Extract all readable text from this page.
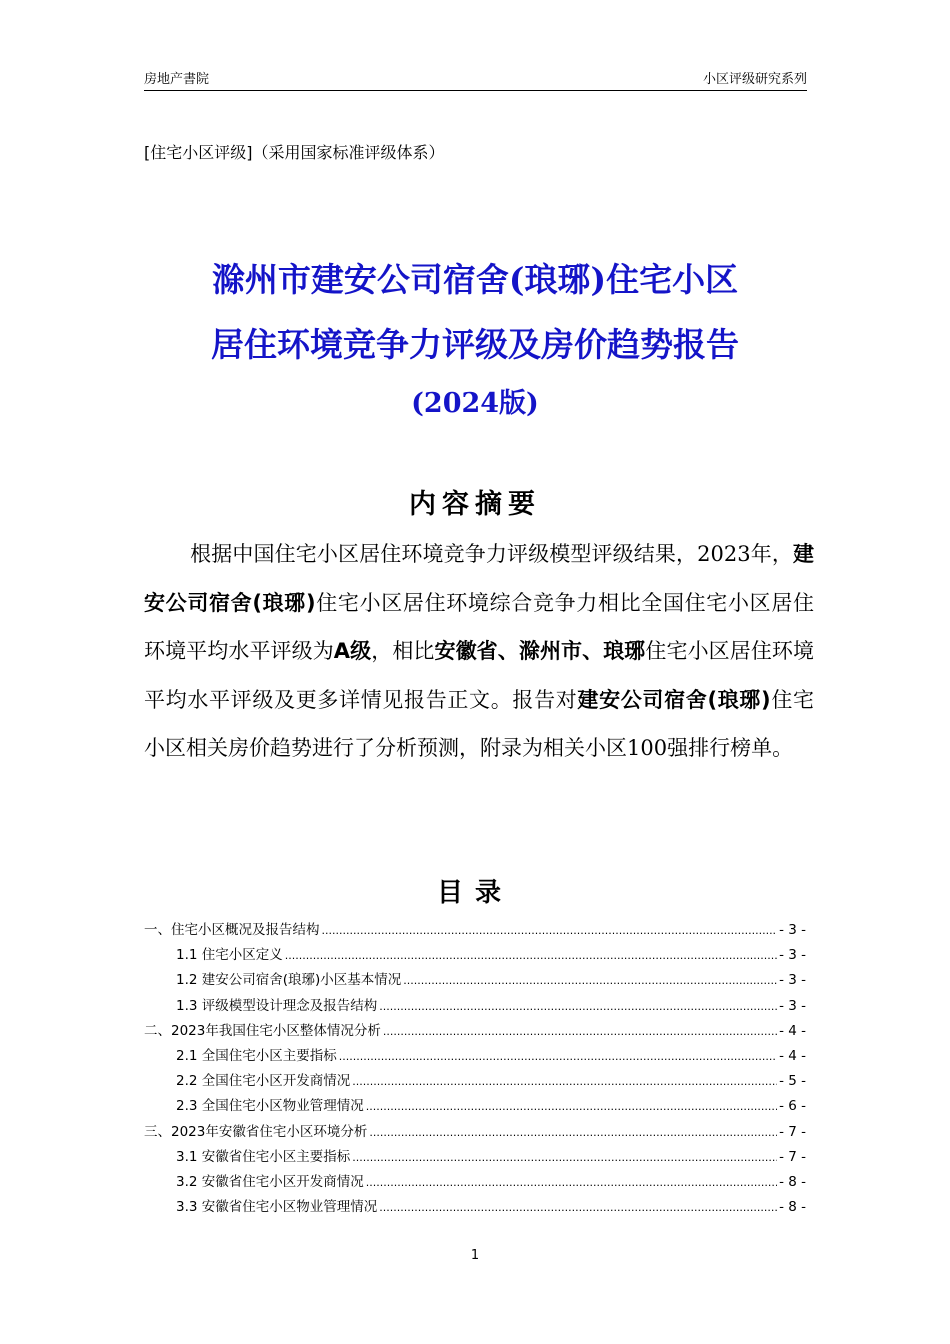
房地产書院	小区评级研究系列
[住宅小区评级]（采用国家标准评级体系）
滁州市建安公司宿舍(琅琊)住宅小区
居住环境竞争力评级及房价趋势报告
(2024版)
内容摘要
根据中国住宅小区居住环境竞争力评级模型评级结果，2023年，建安公司宿舍(琅琊)住宅小区居住环境综合竞争力相比全国住宅小区居住环境平均水平评级为A级，相比安徽省、滁州市、琅琊住宅小区居住环境平均水平评级及更多详情见报告正文。报告对建安公司宿舍(琅琊)住宅小区相关房价趋势进行了分析预测，附录为相关小区100强排行榜单。
目录
一、住宅小区概况及报告结构 .....	- 3 -
1.1 住宅小区定义 .....	- 3 -
1.2 建安公司宿舍(琅琊)小区基本情况 .....	- 3 -
1.3 评级模型设计理念及报告结构 .....	- 3 -
二、2023年我国住宅小区整体情况分析 .....	- 4 -
2.1 全国住宅小区主要指标 .....	- 4 -
2.2 全国住宅小区开发商情况 .....	- 5 -
2.3 全国住宅小区物业管理情况 .....	- 6 -
三、2023年安徽省住宅小区环境分析 .....	- 7 -
3.1 安徽省住宅小区主要指标 .....	- 7 -
3.2 安徽省住宅小区开发商情况 .....	- 8 -
3.3 安徽省住宅小区物业管理情况 .....	- 8 -
1
